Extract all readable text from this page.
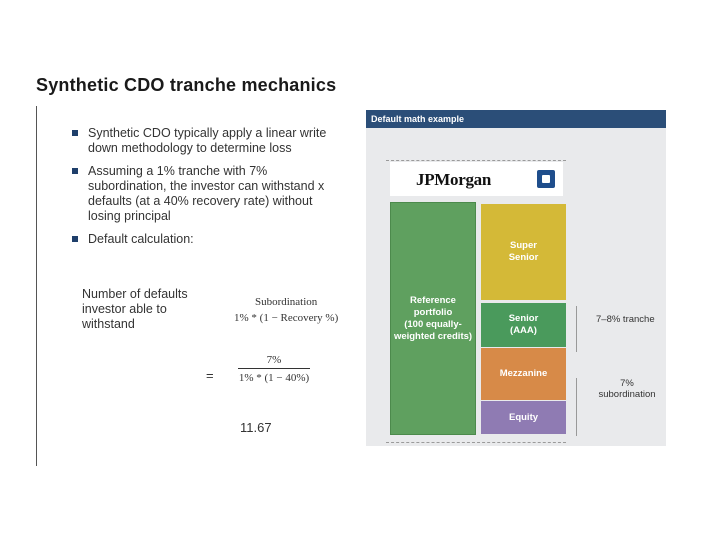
Synthetic CDO tranche mechanics
Synthetic CDO typically apply a linear write down methodology to determine loss
Assuming a 1% tranche with 7% subordination, the investor can withstand x defaults (at a 40% recovery rate) without losing principal
Default calculation:
Number of defaults investor able to withstand
Subordination
1% * (1 − Recovery %)
=
7%
1% * (1 − 40%)
11.67
Default math example
JPMorgan
Reference portfolio
(100 equally-weighted credits)
Super Senior
Senior (AAA)
Mezzanine
Equity
7–8% tranche
7% subordination
